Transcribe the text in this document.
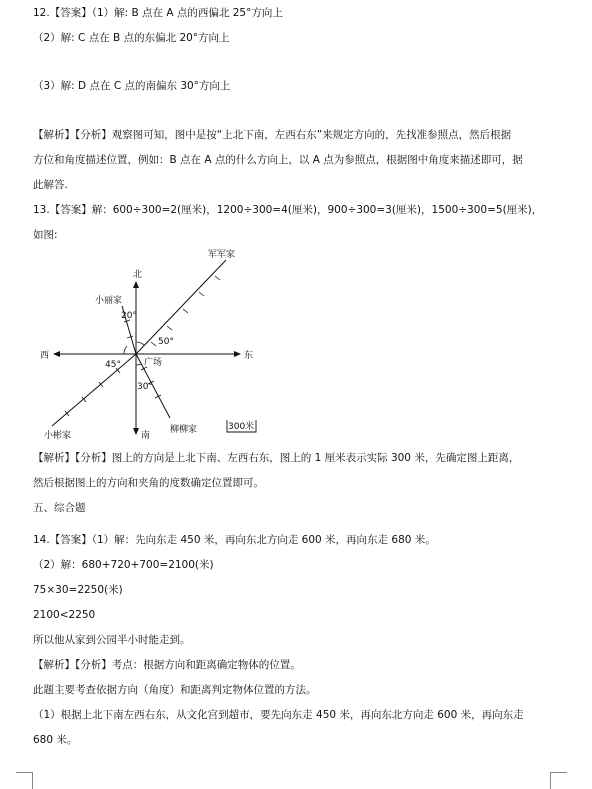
12.【答案】（1）解: B 点在 A 点的西偏北 25°方向上
（2）解: C 点在 B 点的东偏北 20°方向上
（3）解: D 点在 C 点的南偏东 30°方向上
【解析】【分析】观察图可知，图中是按“上北下南，左西右东”来规定方向的，先找准参照点，然后根据
方位和角度描述位置，例如：B 点在 A 点的什么方向上，以 A 点为参照点，根据图中角度来描述即可，据
此解答.
13.【答案】解：600÷300=2(厘米)，1200÷300=4(厘米)，900÷300=3(厘米)，1500÷300=5(厘米)，
如图:
北
南
东
西
广场
小丽家
军军家
小彬家
柳柳家
20°
50°
45°
30°
300米
【解析】【分析】图上的方向是上北下南、左西右东，图上的 1 厘米表示实际 300 米，先确定图上距离，
然后根据图上的方向和夹角的度数确定位置即可。
五、综合题
14.【答案】（1）解：先向东走 450 米，再向东北方向走 600 米，再向东走 680 米。
（2）解：680+720+700=2100(米)
75×30=2250(米)
2100<2250
所以他从家到公园半小时能走到。
【解析】【分析】考点：根据方向和距离确定物体的位置。
此题主要考查依据方向（角度）和距离判定物体位置的方法。
（1）根据上北下南左西右东，从文化宫到超市，要先向东走 450 米，再向东北方向走 600 米，再向东走
680 米。
